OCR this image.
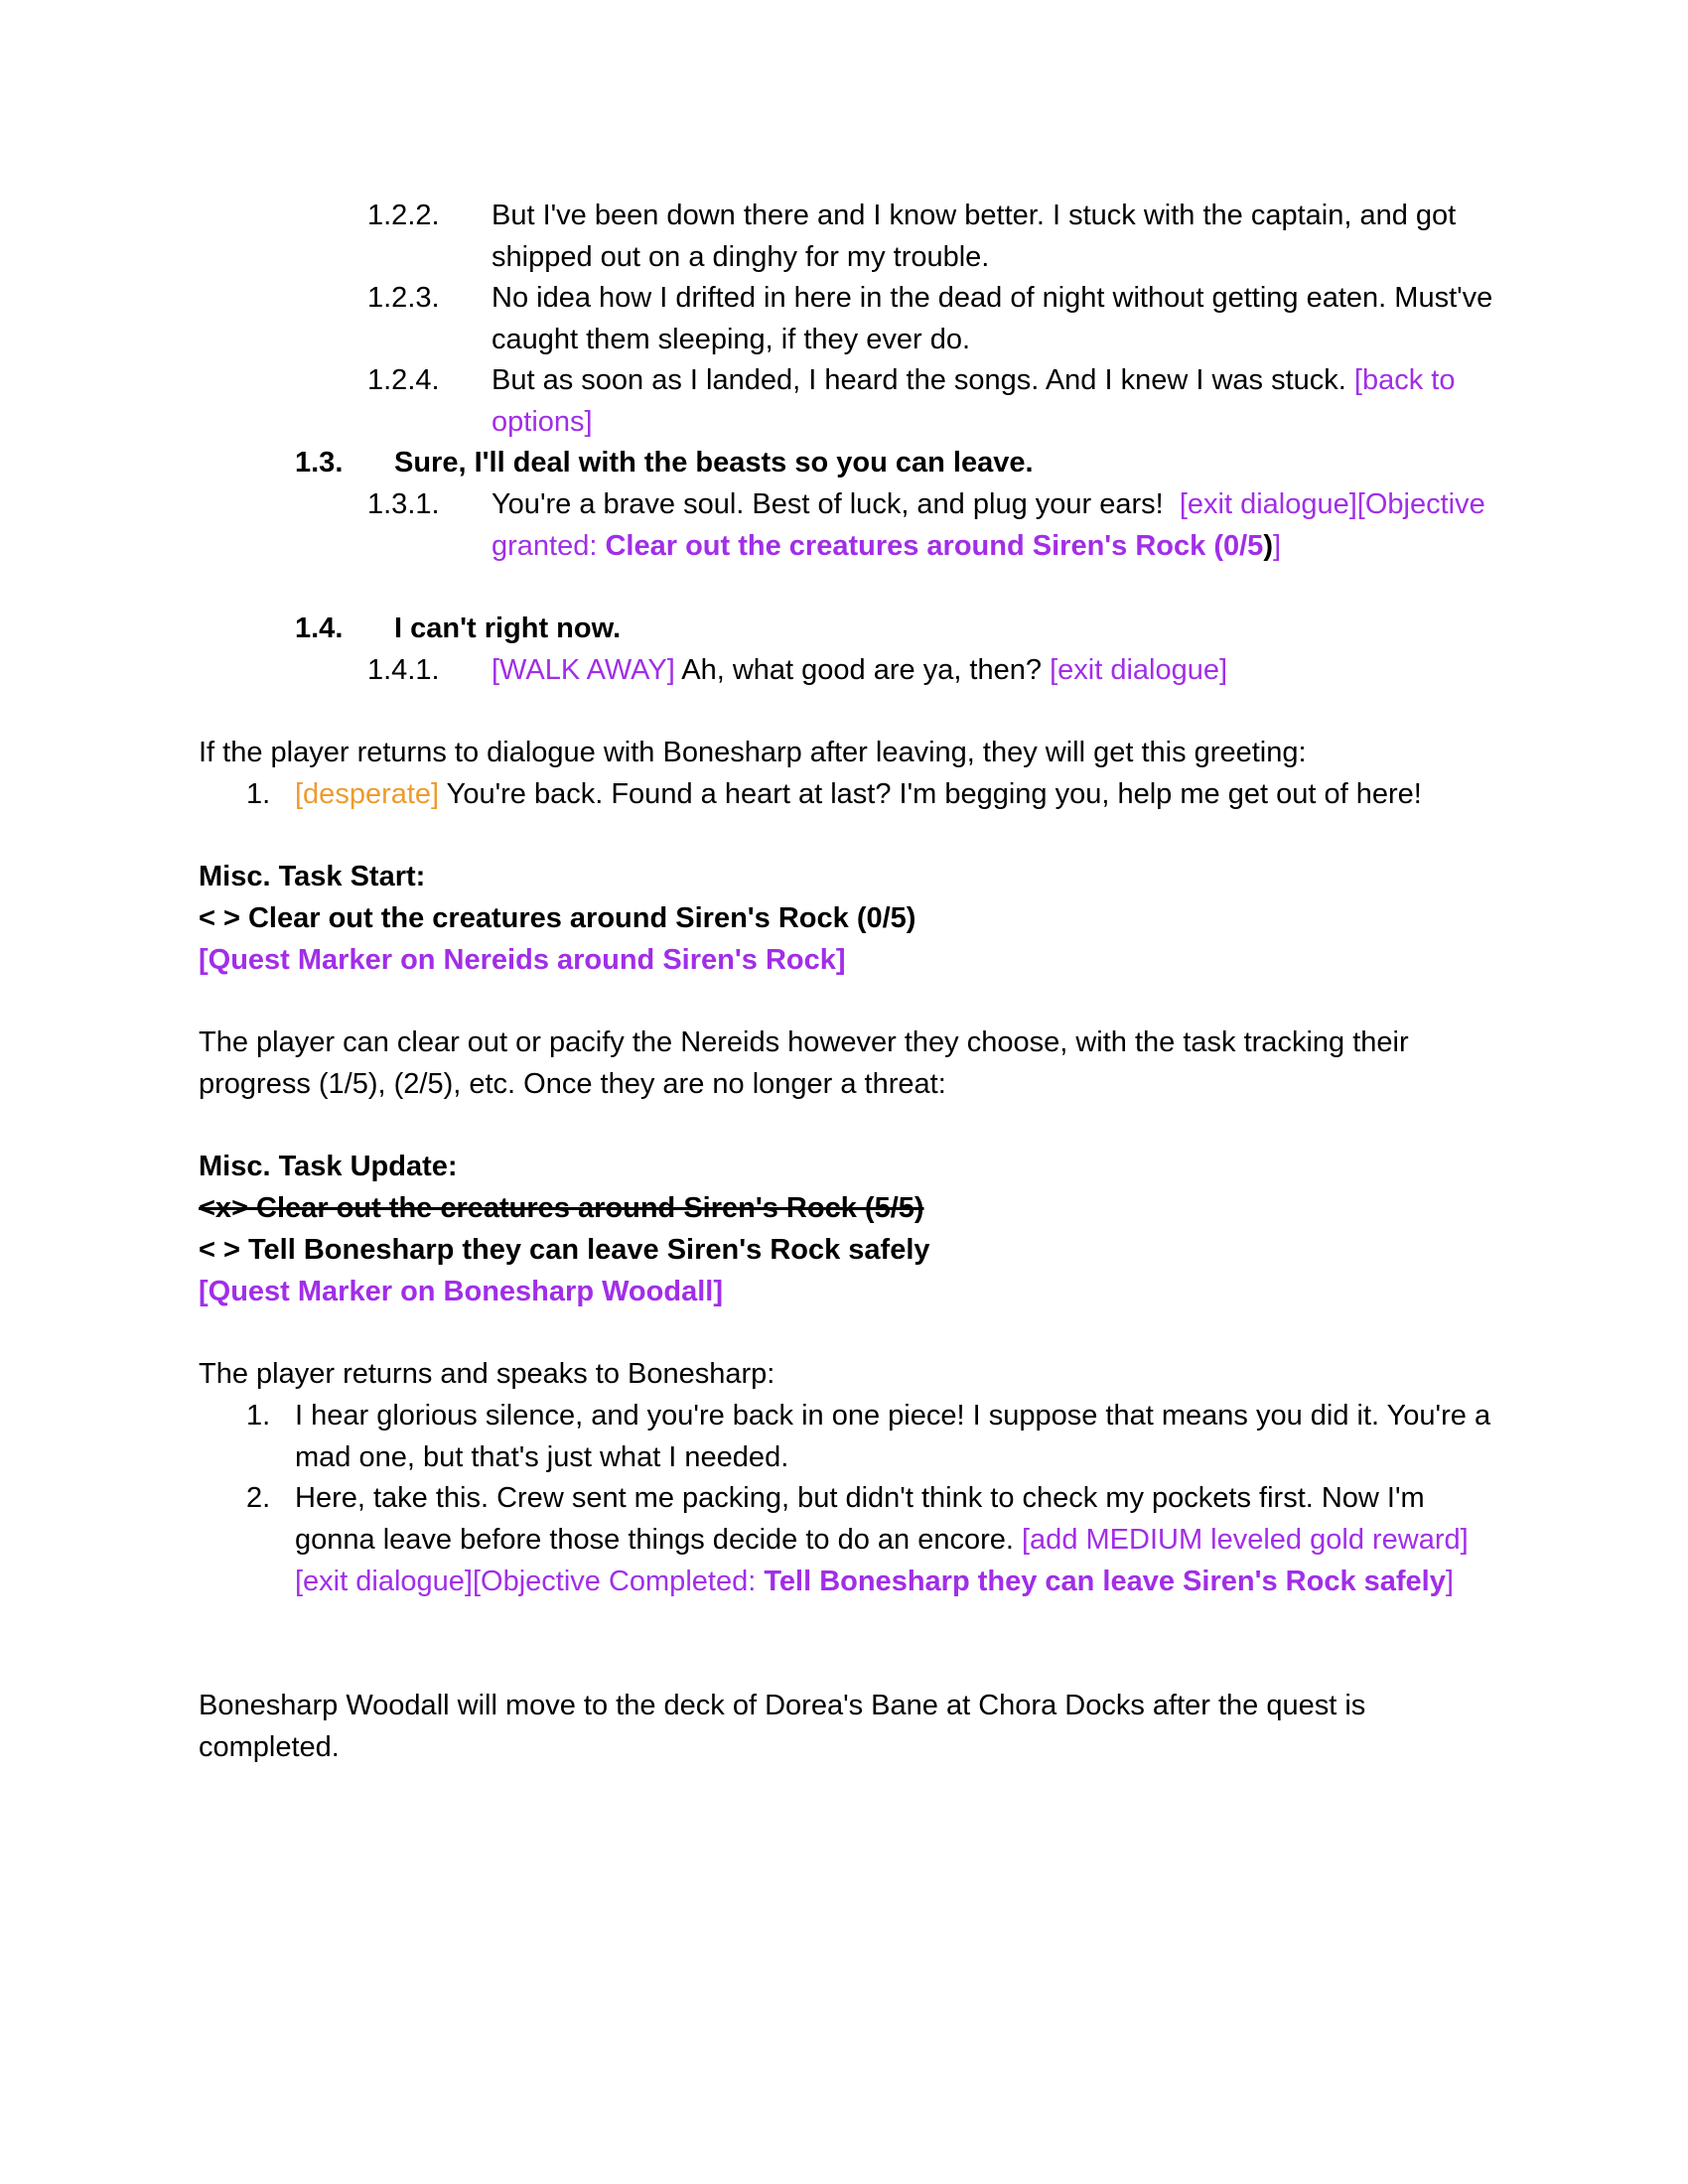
1.2.2. But I've been down there and I know better. I stuck with the captain, and got shipped out on a dinghy for my trouble.
1.2.3. No idea how I drifted in here in the dead of night without getting eaten. Must've caught them sleeping, if they ever do.
1.2.4. But as soon as I landed, I heard the songs. And I knew I was stuck. [back to options]
1.3. Sure, I'll deal with the beasts so you can leave.
1.3.1. You're a brave soul. Best of luck, and plug your ears! [exit dialogue][Objective granted: Clear out the creatures around Siren's Rock (0/5)]
1.4. I can't right now.
1.4.1. [WALK AWAY] Ah, what good are ya, then? [exit dialogue]
If the player returns to dialogue with Bonesharp after leaving, they will get this greeting:
1. [desperate] You're back. Found a heart at last? I'm begging you, help me get out of here!
Misc. Task Start:
< > Clear out the creatures around Siren's Rock (0/5)
[Quest Marker on Nereids around Siren's Rock]
The player can clear out or pacify the Nereids however they choose, with the task tracking their progress (1/5), (2/5), etc. Once they are no longer a threat:
Misc. Task Update:
<x> Clear out the creatures around Siren's Rock (5/5)
< > Tell Bonesharp they can leave Siren's Rock safely
[Quest Marker on Bonesharp Woodall]
The player returns and speaks to Bonesharp:
1. I hear glorious silence, and you're back in one piece! I suppose that means you did it. You're a mad one, but that's just what I needed.
2. Here, take this. Crew sent me packing, but didn't think to check my pockets first. Now I'm gonna leave before those things decide to do an encore. [add MEDIUM leveled gold reward] [exit dialogue][Objective Completed: Tell Bonesharp they can leave Siren's Rock safely]
Bonesharp Woodall will move to the deck of Dorea's Bane at Chora Docks after the quest is completed.
